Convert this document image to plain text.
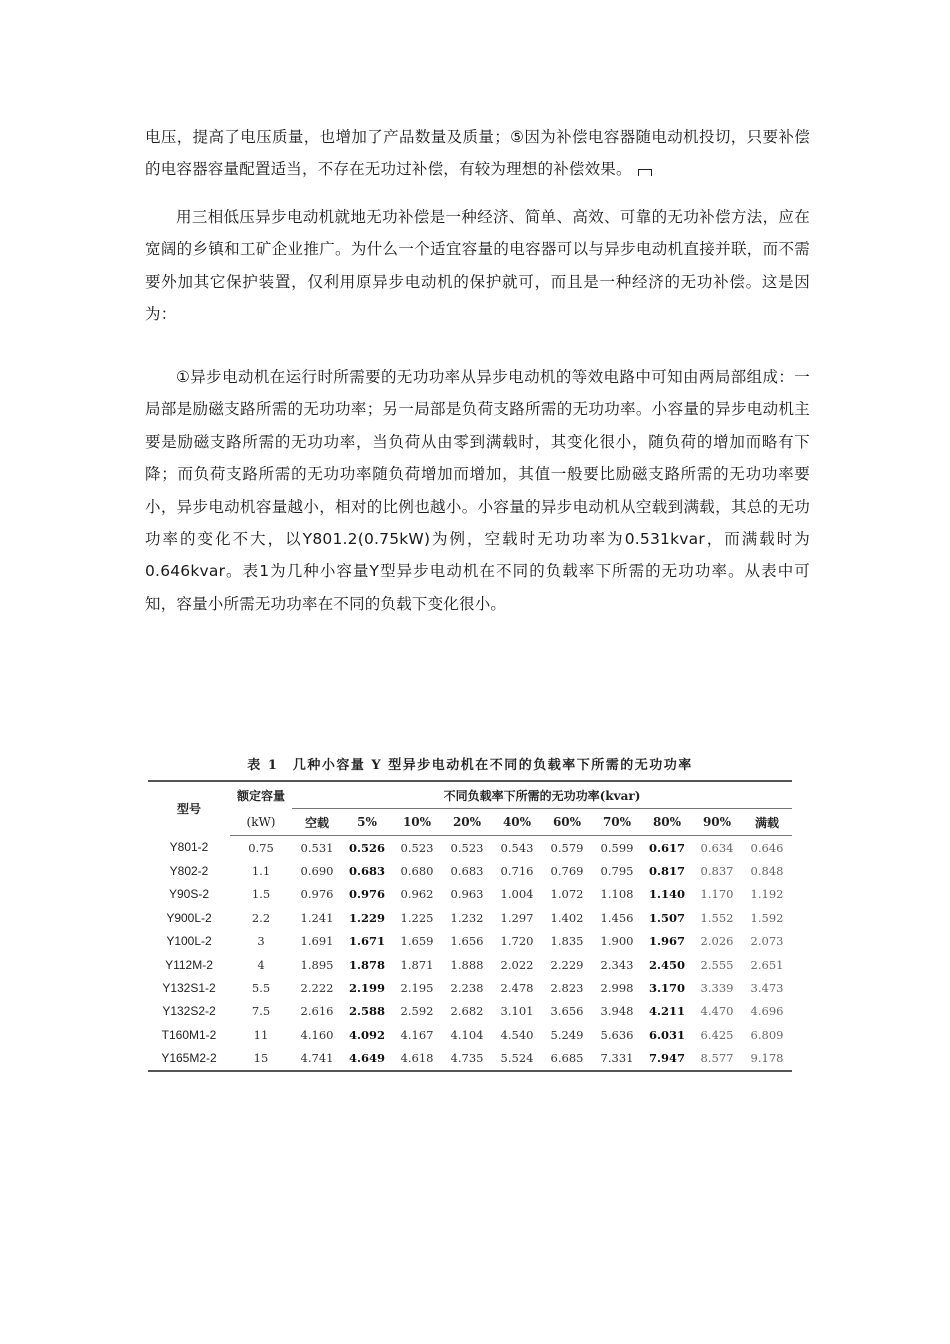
电压，提高了电压质量，也增加了产品数量及质量；⑤因为补偿电容器随电动机投切，只要补偿的电容器容量配置适当，不存在无功过补偿，有较为理想的补偿效果。

用三相低压异步电动机就地无功补偿是一种经济、简单、高效、可靠的无功补偿方法，应在宽阔的乡镇和工矿企业推广。为什么一个适宜容量的电容器可以与异步电动机直接并联，而不需要外加其它保护装置，仅利用原异步电动机的保护就可，而且是一种经济的无功补偿。这是因为：

①异步电动机在运行时所需要的无功功率从异步电动机的等效电路中可知由两局部组成：一局部是励磁支路所需的无功功率；另一局部是负荷支路所需的无功功率。小容量的异步电动机主要是励磁支路所需的无功功率，当负荷从由零到满载时，其变化很小，随负荷的增加而略有下降；而负荷支路所需的无功功率随负荷增加而增加，其值一般要比励磁支路所需的无功功率要小，异步电动机容量越小，相对的比例也越小。小容量的异步电动机从空载到满载，其总的无功功率的变化不大，以Y801.2(0.75kW)为例，空载时无功功率为0.531kvar，而满载时为0.646kvar。表1为几种小容量Y型异步电动机在不同的负载率下所需的无功功率。从表中可知，容量小所需无功功率在不同的负载下变化很小。

表 1　几种小容量 Y 型异步电动机在不同的负载率下所需的无功功率
型号	额定容量	不同负载率下所需的无功功率(kvar)									
	(kW)	空载	5%	10%	20%	40%	60%	70%	80%	90%	满载
Y801-2	0.75	0.531	0.526	0.523	0.523	0.543	0.579	0.599	0.617	0.634	0.646
Y802-2	1.1	0.690	0.683	0.680	0.683	0.716	0.769	0.795	0.817	0.837	0.848
Y90S-2	1.5	0.976	0.976	0.962	0.963	1.004	1.072	1.108	1.140	1.170	1.192
Y900L-2	2.2	1.241	1.229	1.225	1.232	1.297	1.402	1.456	1.507	1.552	1.592
Y100L-2	3	1.691	1.671	1.659	1.656	1.720	1.835	1.900	1.967	2.026	2.073
Y112M-2	4	1.895	1.878	1.871	1.888	2.022	2.229	2.343	2.450	2.555	2.651
Y132S1-2	5.5	2.222	2.199	2.195	2.238	2.478	2.823	2.998	3.170	3.339	3.473
Y132S2-2	7.5	2.616	2.588	2.592	2.682	3.101	3.656	3.948	4.211	4.470	4.696
T160M1-2	11	4.160	4.092	4.167	4.104	4.540	5.249	5.636	6.031	6.425	6.809
Y165M2-2	15	4.741	4.649	4.618	4.735	5.524	6.685	7.331	7.947	8.577	9.178
